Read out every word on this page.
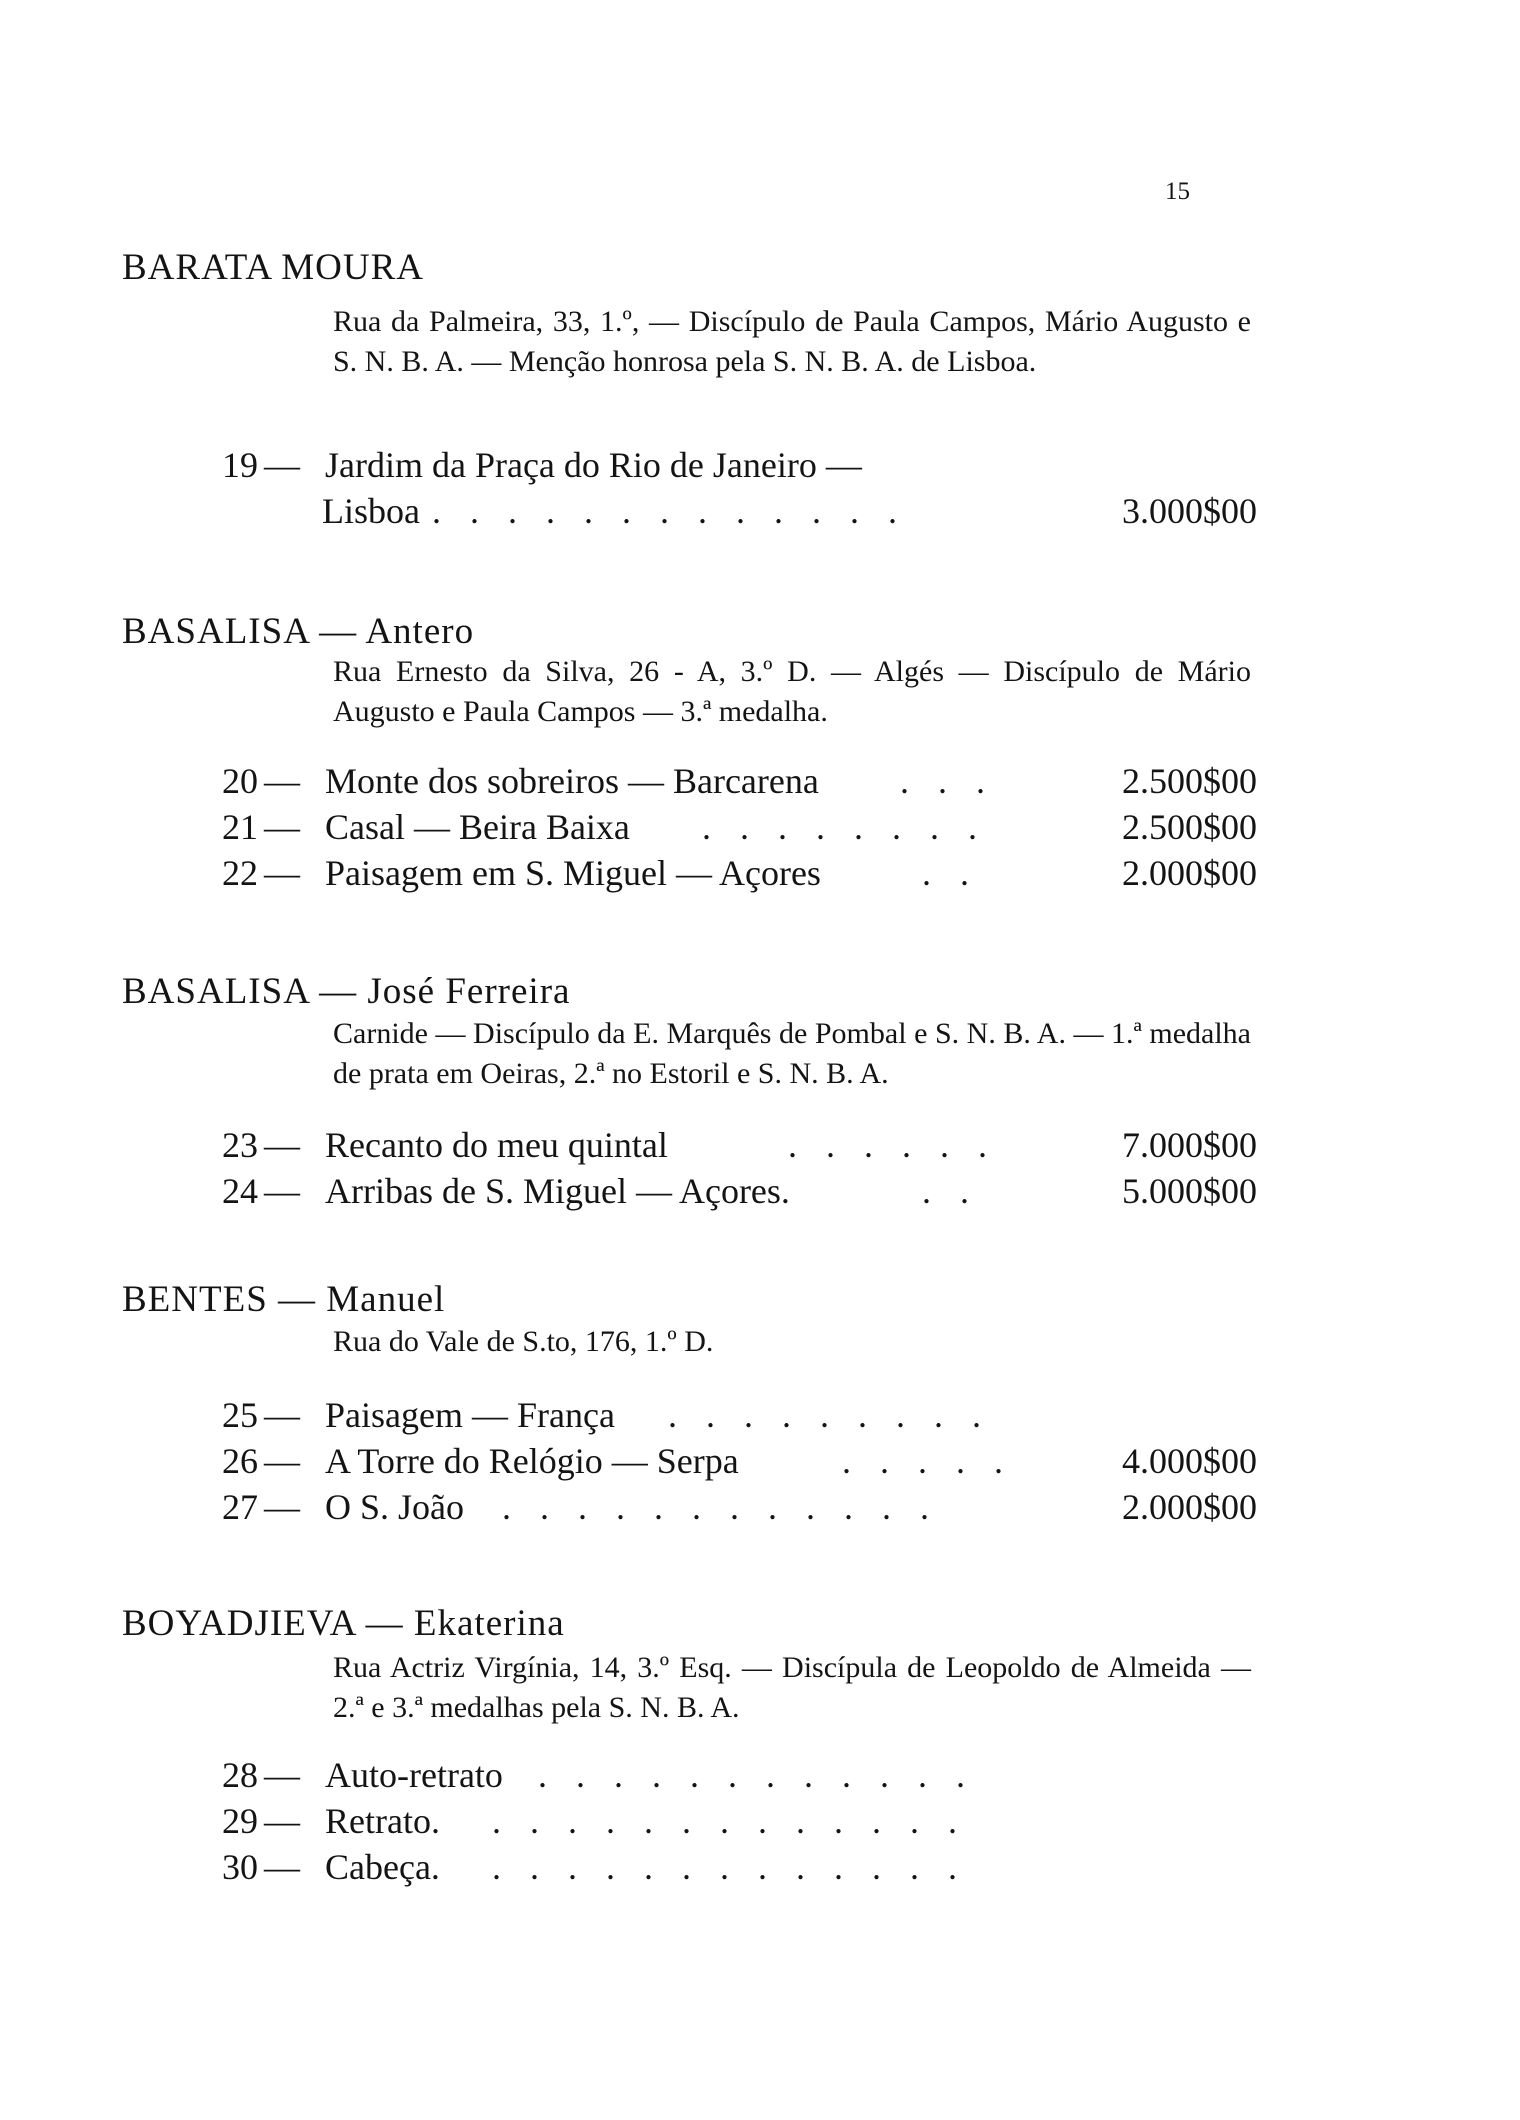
15
BARATA MOURA
Rua da Palmeira, 33, 1.º, — Discípulo de Paula Campos, Mário Augusto e S. N. B. A. — Menção honrosa pela S. N. B. A. de Lisboa.
19 — Jardim da Praça do Rio de Janeiro —
Lisboa . . . . . . . . . . . . .	3.000$00
BASALISA — Antero
Rua Ernesto da Silva, 26 - A, 3.º D. — Algés — Discípulo de Mário Augusto e Paula Campos — 3.ª medalha.
20 — Monte dos sobreiros — Barcarena . . .	2.500$00
21 — Casal — Beira Baixa . . . . . . . .	2.500$00
22 — Paisagem em S. Miguel — Açores	. .	2.000$00
BASALISA — José Ferreira
Carnide — Discípulo da E. Marquês de Pombal e S. N. B. A. — 1.ª medalha de prata em Oeiras, 2.ª no Estoril e S. N. B. A.
23 — Recanto do meu quintal	. . . . . .	7.000$00
24 — Arribas de S. Miguel — Açores.	. .	5.000$00
BENTES — Manuel
Rua do Vale de S.to, 176, 1.º D.
25 — Paisagem — França . . . . . . . . .
26 — A Torre do Relógio — Serpa	. . . . .	4.000$00
27 — O S. João . . . . . . . . . . . .	2.000$00
BOYADJIEVA — Ekaterina
Rua Actriz Virgínia, 14, 3.º Esq. — Discípula de Leopoldo de Almeida — 2.ª e 3.ª medalhas pela S. N. B. A.
28 — Auto-retrato . . . . . . . . . . . .
29 — Retrato. . . . . . . . . . . . . .
30 — Cabeça. . . . . . . . . . . . . .
